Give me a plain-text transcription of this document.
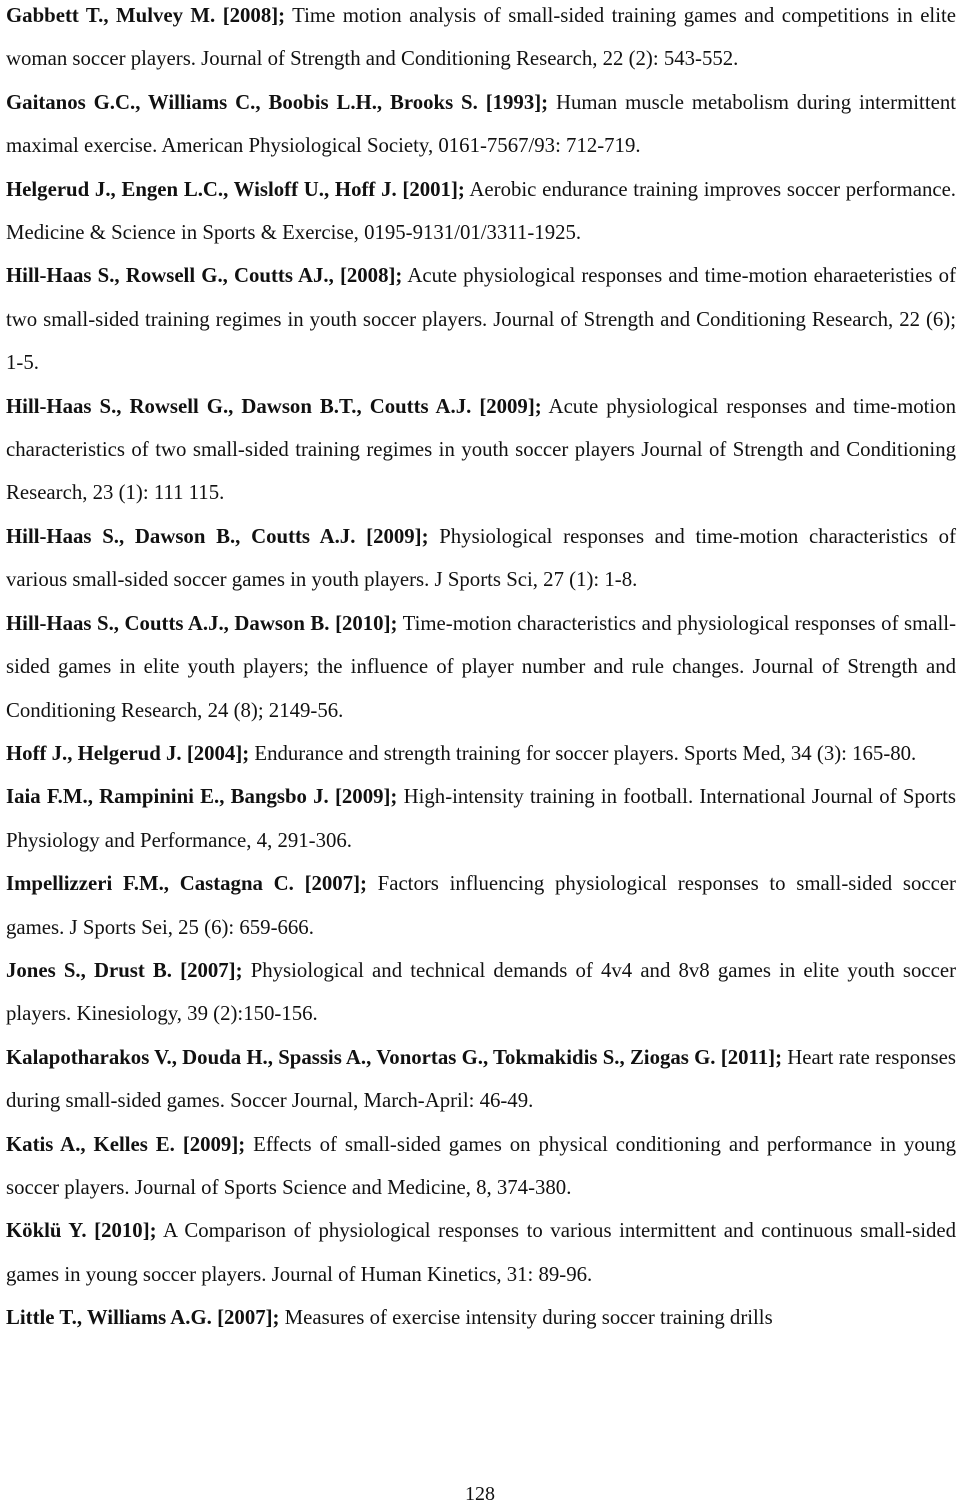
Gabbett T., Mulvey M. [2008]; Time motion analysis of small-sided training games and competitions in elite woman soccer players. Journal of Strength and Conditioning Research, 22 (2): 543-552.

Gaitanos G.C., Williams C., Boobis L.H., Brooks S. [1993]; Human muscle metabolism during intermittent maximal exercise. American Physiological Society, 0161-7567/93: 712-719.

Helgerud J., Engen L.C., Wisloff U., Hoff J. [2001]; Aerobic endurance training improves soccer performance. Medicine & Science in Sports & Exercise, 0195-9131/01/3311-1925.

Hill-Haas S., Rowsell G., Coutts AJ., [2008]; Acute physiological responses and time-motion eharaeteristies of two small-sided training regimes in youth soccer players. Journal of Strength and Conditioning Research, 22 (6); 1-5.

Hill-Haas S., Rowsell G., Dawson B.T., Coutts A.J. [2009]; Acute physiological responses and time-motion characteristics of two small-sided training regimes in youth soccer players Journal of Strength and Conditioning Research, 23 (1): 111 115.

Hill-Haas S., Dawson B., Coutts A.J. [2009]; Physiological responses and time-motion characteristics of various small-sided soccer games in youth players. J Sports Sci, 27 (1): 1-8.

Hill-Haas S., Coutts A.J., Dawson B. [2010]; Time-motion characteristics and physiological responses of small-sided games in elite youth players; the influence of player number and rule changes. Journal of Strength and Conditioning Research, 24 (8); 2149-56.

Hoff J., Helgerud J. [2004]; Endurance and strength training for soccer players. Sports Med, 34 (3): 165-80.

Iaia F.M., Rampinini E., Bangsbo J. [2009]; High-intensity training in football. International Journal of Sports Physiology and Performance, 4, 291-306.

Impellizzeri F.M., Castagna C. [2007]; Factors influencing physiological responses to small-sided soccer games. J Sports Sei, 25 (6): 659-666.

Jones S., Drust B. [2007]; Physiological and technical demands of 4v4 and 8v8 games in elite youth soccer players. Kinesiology, 39 (2):150-156.

Kalapotharakos V., Douda H., Spassis A., Vonortas G., Tokmakidis S., Ziogas G. [2011]; Heart rate responses during small-sided games. Soccer Journal, March-April: 46-49.

Katis A., Kelles E. [2009]; Effects of small-sided games on physical conditioning and performance in young soccer players. Journal of Sports Science and Medicine, 8, 374-380.

Köklü Y. [2010]; A Comparison of physiological responses to various intermittent and continuous small-sided games in young soccer players. Journal of Human Kinetics, 31: 89-96.

Little T., Williams A.G. [2007]; Measures of exercise intensity during soccer training drills

128
